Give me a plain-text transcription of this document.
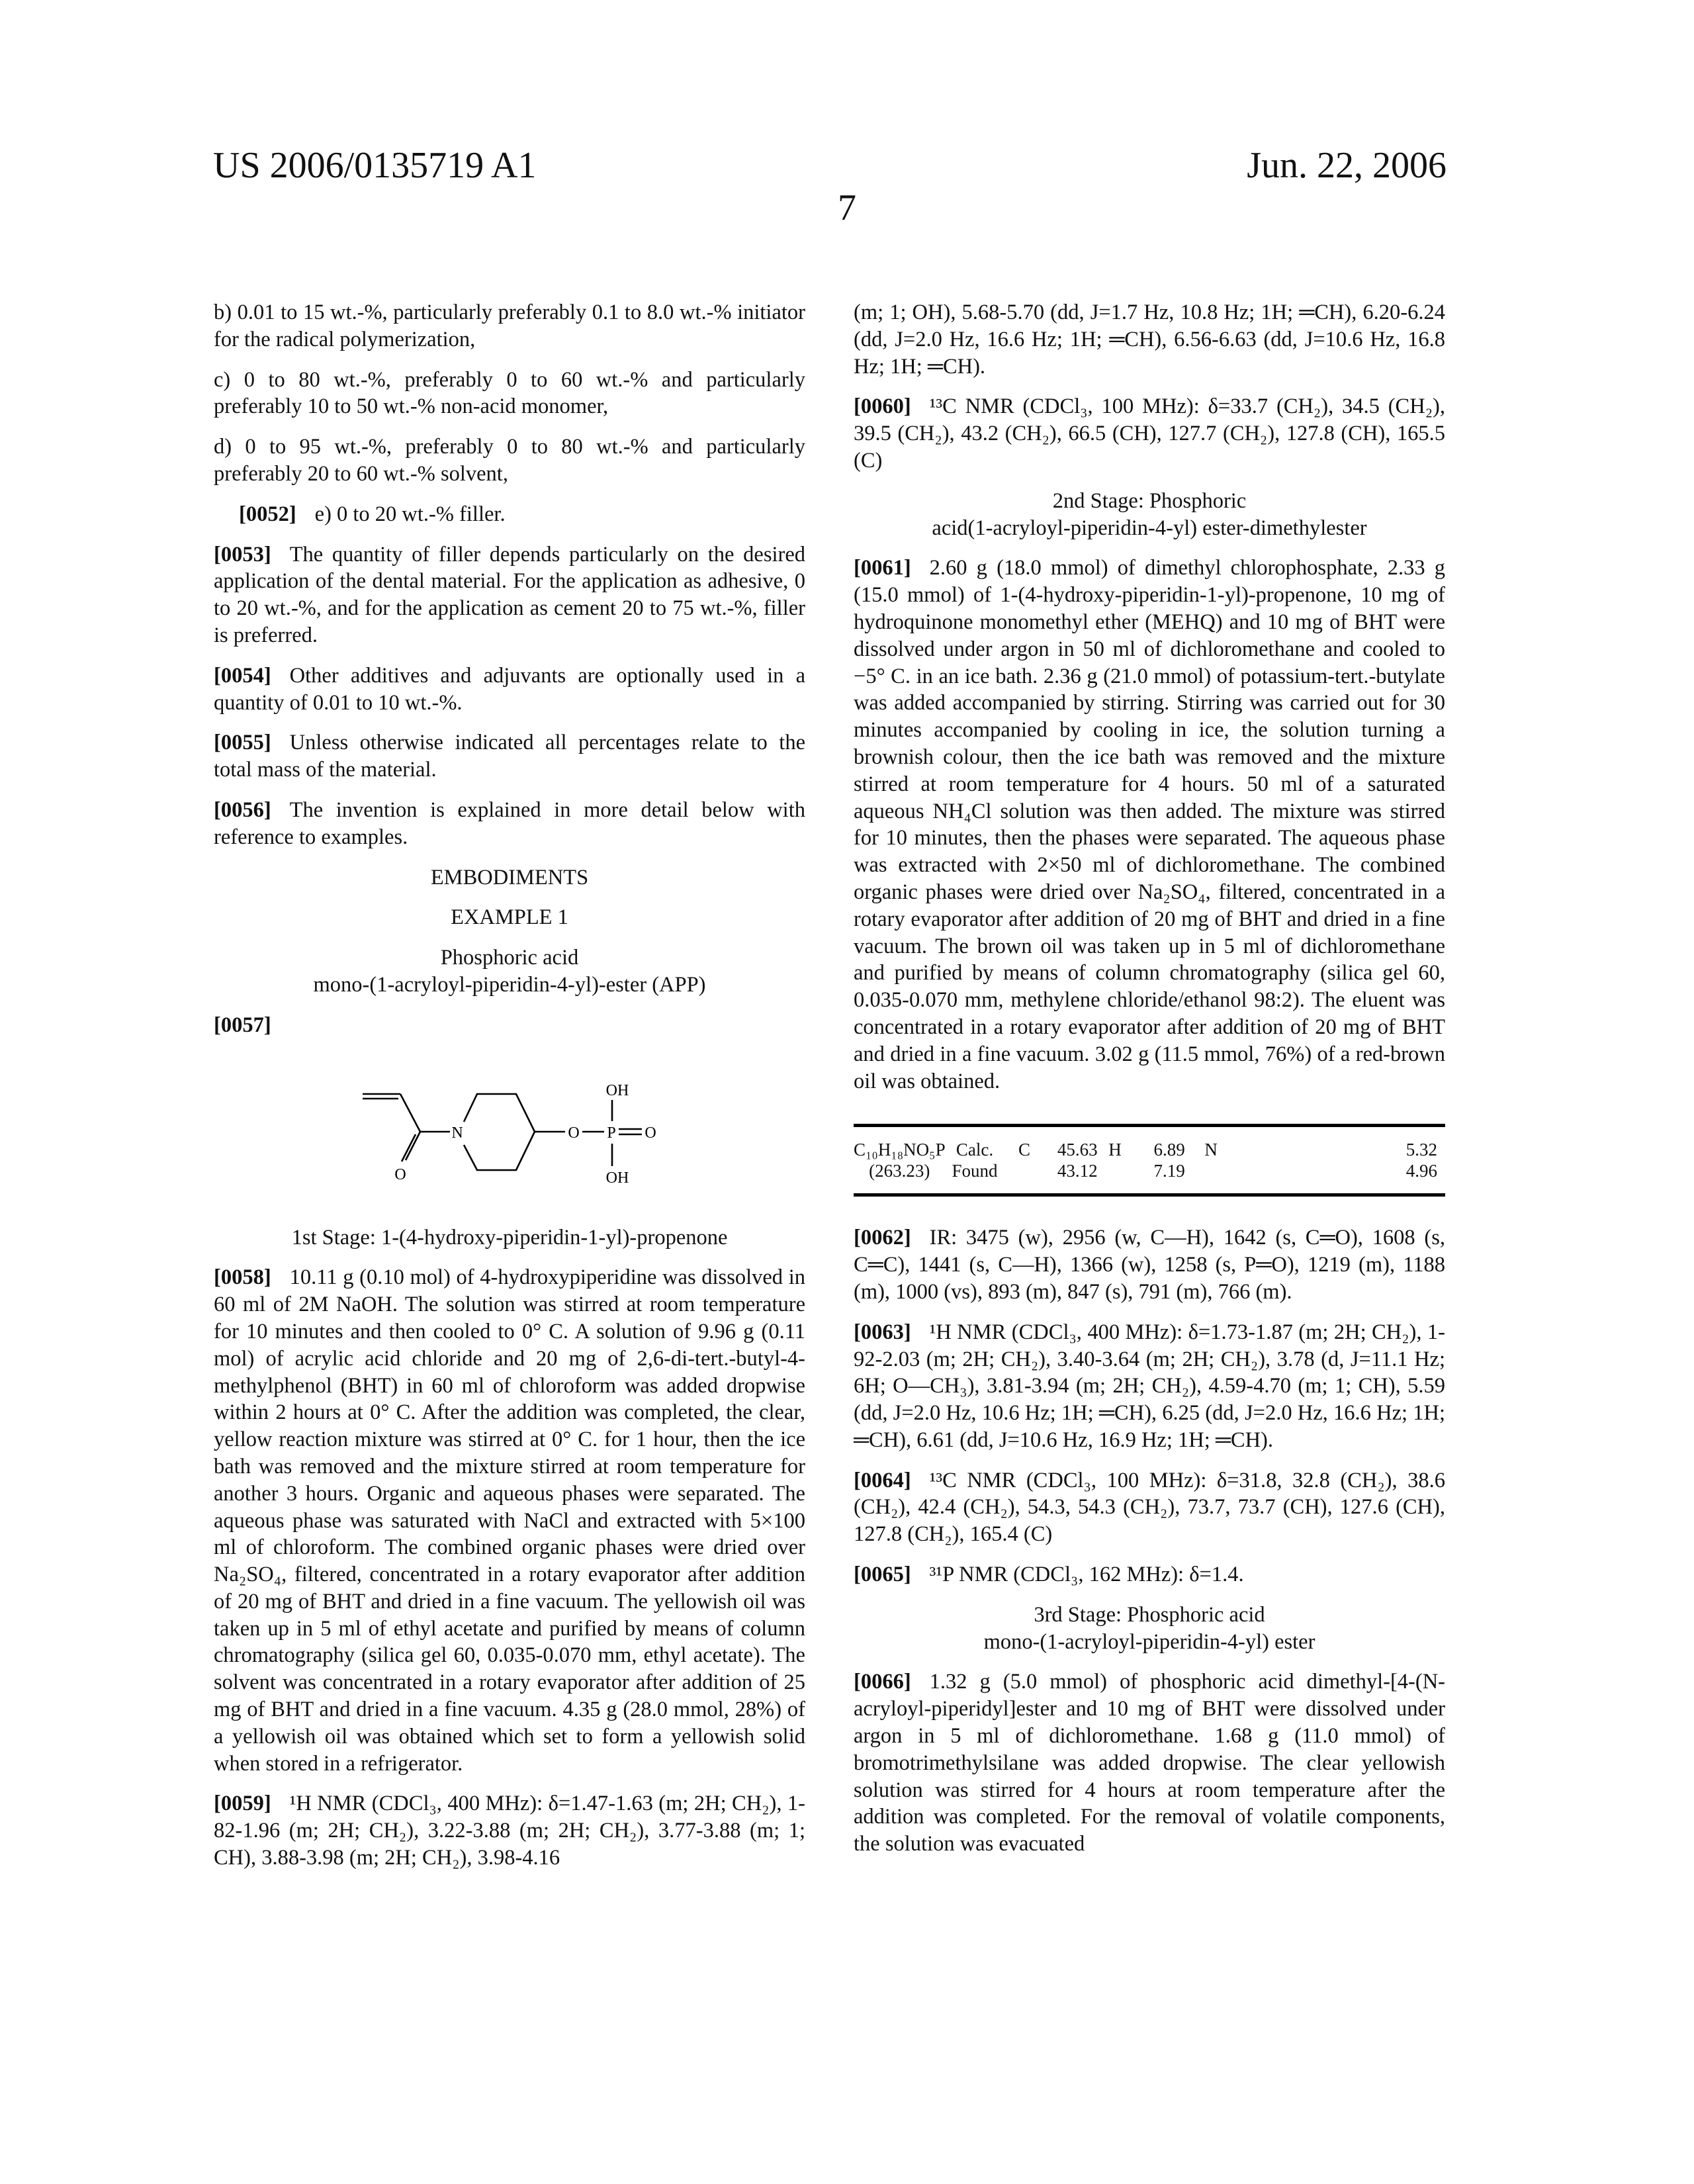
US 2006/0135719 A1	Jun. 22, 2006
7

b) 0.01 to 15 wt.-%, particularly preferably 0.1 to 8.0 wt.-% initiator for the radical polymerization,

c) 0 to 80 wt.-%, preferably 0 to 60 wt.-% and particularly preferably 10 to 50 wt.-% non-acid monomer,

d) 0 to 95 wt.-%, preferably 0 to 80 wt.-% and particularly preferably 20 to 60 wt.-% solvent,

[0052] e) 0 to 20 wt.-% filler.

[0053] The quantity of filler depends particularly on the desired application of the dental material. For the application as adhesive, 0 to 20 wt.-%, and for the application as cement 20 to 75 wt.-%, filler is preferred.

[0054] Other additives and adjuvants are optionally used in a quantity of 0.01 to 10 wt.-%.

[0055] Unless otherwise indicated all percentages relate to the total mass of the material.

[0056] The invention is explained in more detail below with reference to examples.

EMBODIMENTS
EXAMPLE 1
Phosphoric acid
mono-(1-acryloyl-piperidin-4-yl)-ester (APP)

[0057]

N
O
O P O
OH
OH
1st Stage: 1-(4-hydroxy-piperidin-1-yl)-propenone

[0058] 10.11 g (0.10 mol) of 4-hydroxypiperidine was dissolved in 60 ml of 2M NaOH. The solution was stirred at room temperature for 10 minutes and then cooled to 0° C. A solution of 9.96 g (0.11 mol) of acrylic acid chloride and 20 mg of 2,6-di-tert.-butyl-4-methylphenol (BHT) in 60 ml of chloroform was added dropwise within 2 hours at 0° C. After the addition was completed, the clear, yellow reaction mixture was stirred at 0° C. for 1 hour, then the ice bath was removed and the mixture stirred at room temperature for another 3 hours. Organic and aqueous phases were separated. The aqueous phase was saturated with NaCl and extracted with 5×100 ml of chloroform. The combined organic phases were dried over Na₂SO₄, filtered, concentrated in a rotary evaporator after addition of 20 mg of BHT and dried in a fine vacuum. The yellowish oil was taken up in 5 ml of ethyl acetate and purified by means of column chromatography (silica gel 60, 0.035-0.070 mm, ethyl acetate). The solvent was concentrated in a rotary evaporator after addition of 25 mg of BHT and dried in a fine vacuum. 4.35 g (28.0 mmol, 28%) of a yellowish oil was obtained which set to form a yellowish solid when stored in a refrigerator.

[0059] ¹H NMR (CDCl₃, 400 MHz): δ=1.47-1.63 (m; 2H; CH₂), 1-82-1.96 (m; 2H; CH₂), 3.22-3.88 (m; 2H; CH₂), 3.77-3.88 (m; 1; CH), 3.88-3.98 (m; 2H; CH₂), 3.98-4.16

(m; 1; OH), 5.68-5.70 (dd, J=1.7 Hz, 10.8 Hz; 1H; ═CH), 6.20-6.24 (dd, J=2.0 Hz, 16.6 Hz; 1H; ═CH), 6.56-6.63 (dd, J=10.6 Hz, 16.8 Hz; 1H; ═CH).

[0060] ¹³C NMR (CDCl₃, 100 MHz): δ=33.7 (CH₂), 34.5 (CH₂), 39.5 (CH₂), 43.2 (CH₂), 66.5 (CH), 127.7 (CH₂), 127.8 (CH), 165.5 (C)

2nd Stage: Phosphoric
acid(1-acryloyl-piperidin-4-yl) ester-dimethylester

[0061] 2.60 g (18.0 mmol) of dimethyl chlorophosphate, 2.33 g (15.0 mmol) of 1-(4-hydroxy-piperidin-1-yl)-propenone, 10 mg of hydroquinone monomethyl ether (MEHQ) and 10 mg of BHT were dissolved under argon in 50 ml of dichloromethane and cooled to −5° C. in an ice bath. 2.36 g (21.0 mmol) of potassium-tert.-butylate was added accompanied by stirring. Stirring was carried out for 30 minutes accompanied by cooling in ice, the solution turning a brownish colour, then the ice bath was removed and the mixture stirred at room temperature for 4 hours. 50 ml of a saturated aqueous NH₄Cl solution was then added. The mixture was stirred for 10 minutes, then the phases were separated. The aqueous phase was extracted with 2×50 ml of dichloromethane. The combined organic phases were dried over Na₂SO₄, filtered, concentrated in a rotary evaporator after addition of 20 mg of BHT and dried in a fine vacuum. The brown oil was taken up in 5 ml of dichloromethane and purified by means of column chromatography (silica gel 60, 0.035-0.070 mm, methylene chloride/ethanol 98:2). The eluent was concentrated in a rotary evaporator after addition of 20 mg of BHT and dried in a fine vacuum. 3.02 g (11.5 mmol, 76%) of a red-brown oil was obtained.

C₁₀H₁₈NO₅P	Calc.	C	45.63	H	6.89	N	5.32
(263.23)	Found		43.12		7.19		4.96

[0062] IR: 3475 (w), 2956 (w, C—H), 1642 (s, C═O), 1608 (s, C═C), 1441 (s, C—H), 1366 (w), 1258 (s, P═O), 1219 (m), 1188 (m), 1000 (vs), 893 (m), 847 (s), 791 (m), 766 (m).

[0063] ¹H NMR (CDCl₃, 400 MHz): δ=1.73-1.87 (m; 2H; CH₂), 1-92-2.03 (m; 2H; CH₂), 3.40-3.64 (m; 2H; CH₂), 3.78 (d, J=11.1 Hz; 6H; O—CH₃), 3.81-3.94 (m; 2H; CH₂), 4.59-4.70 (m; 1; CH), 5.59 (dd, J=2.0 Hz, 10.6 Hz; 1H; ═CH), 6.25 (dd, J=2.0 Hz, 16.6 Hz; 1H; ═CH), 6.61 (dd, J=10.6 Hz, 16.9 Hz; 1H; ═CH).

[0064] ¹³C NMR (CDCl₃, 100 MHz): δ=31.8, 32.8 (CH₂), 38.6 (CH₂), 42.4 (CH₂), 54.3, 54.3 (CH₂), 73.7, 73.7 (CH), 127.6 (CH), 127.8 (CH₂), 165.4 (C)

[0065] ³¹P NMR (CDCl₃, 162 MHz): δ=1.4.

3rd Stage: Phosphoric acid
mono-(1-acryloyl-piperidin-4-yl) ester

[0066] 1.32 g (5.0 mmol) of phosphoric acid dimethyl-[4-(N-acryloyl-piperidyl]ester and 10 mg of BHT were dissolved under argon in 5 ml of dichloromethane. 1.68 g (11.0 mmol) of bromotrimethylsilane was added dropwise. The clear yellowish solution was stirred for 4 hours at room temperature after the addition was completed. For the removal of volatile components, the solution was evacuated
